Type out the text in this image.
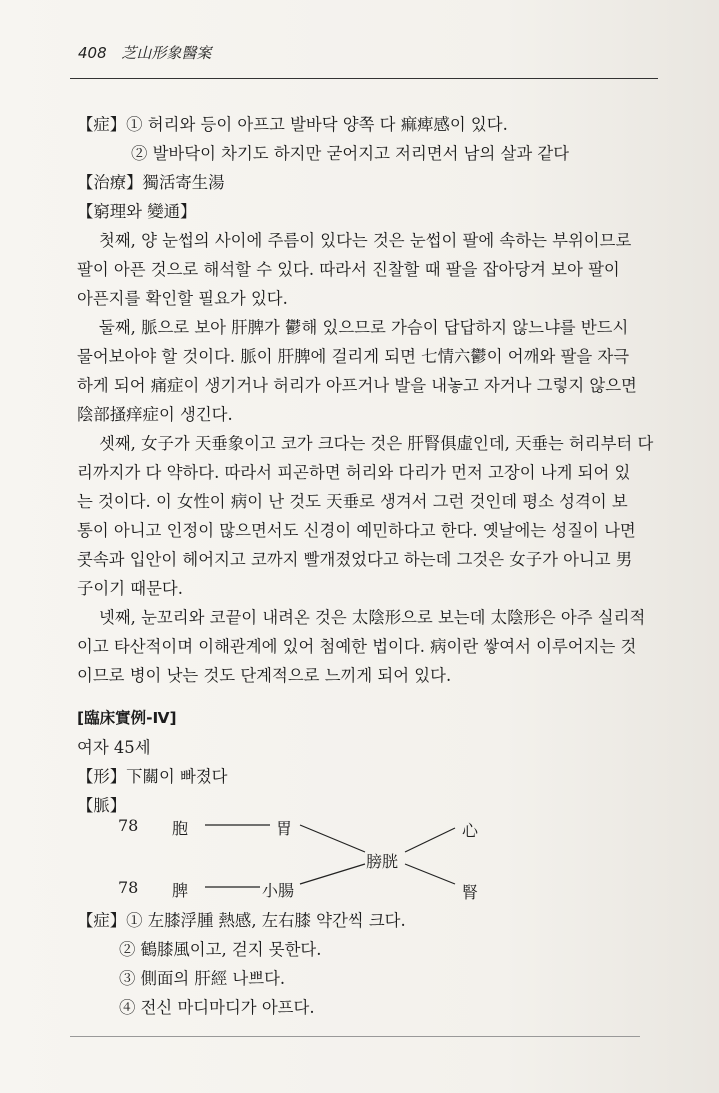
408 芝山形象醫案
【症】① 허리와 등이 아프고 발바닥 양쪽 다 痲痺感이 있다.
② 발바닥이 차기도 하지만 굳어지고 저리면서 남의 살과 같다
【治療】獨活寄生湯
【窮理와 變通】
첫째, 양 눈썹의 사이에 주름이 있다는 것은 눈썹이 팔에 속하는 부위이므로
팔이 아픈 것으로 해석할 수 있다. 따라서 진찰할 때 팔을 잡아당겨 보아 팔이
아픈지를 확인할 필요가 있다.
둘째, 脈으로 보아 肝脾가 鬱해 있으므로 가슴이 답답하지 않느냐를 반드시
물어보아야 할 것이다. 脈이 肝脾에 걸리게 되면 七情六鬱이 어깨와 팔을 자극
하게 되어 痛症이 생기거나 허리가 아프거나 발을 내놓고 자거나 그렇지 않으면
陰部搔痒症이 생긴다.
셋째, 女子가 天垂象이고 코가 크다는 것은 肝腎俱虛인데, 天垂는 허리부터 다
리까지가 다 약하다. 따라서 피곤하면 허리와 다리가 먼저 고장이 나게 되어 있
는 것이다. 이 女性이 病이 난 것도 天垂로 생겨서 그런 것인데 평소 성격이 보
통이 아니고 인정이 많으면서도 신경이 예민하다고 한다. 옛날에는 성질이 나면
콧속과 입안이 헤어지고 코까지 빨개졌었다고 하는데 그것은 女子가 아니고 男
子이기 때문다.
넷째, 눈꼬리와 코끝이 내려온 것은 太陰形으로 보는데 太陰形은 아주 실리적
이고 타산적이며 이해관계에 있어 첨예한 법이다. 病이란 쌓여서 이루어지는 것
이므로 병이 낫는 것도 단계적으로 느끼게 되어 있다.
[臨床實例-Ⅳ]
여자 45세
【形】下關이 빠졌다
【脈】
78 胞	胃
膀胱
心
78 脾	小腸	腎
【症】① 左膝浮腫 熱感, 左右膝 약간씩 크다.
② 鶴膝風이고, 걷지 못한다.
③ 側面의 肝經 나쁘다.
④ 전신 마디마디가 아프다.
